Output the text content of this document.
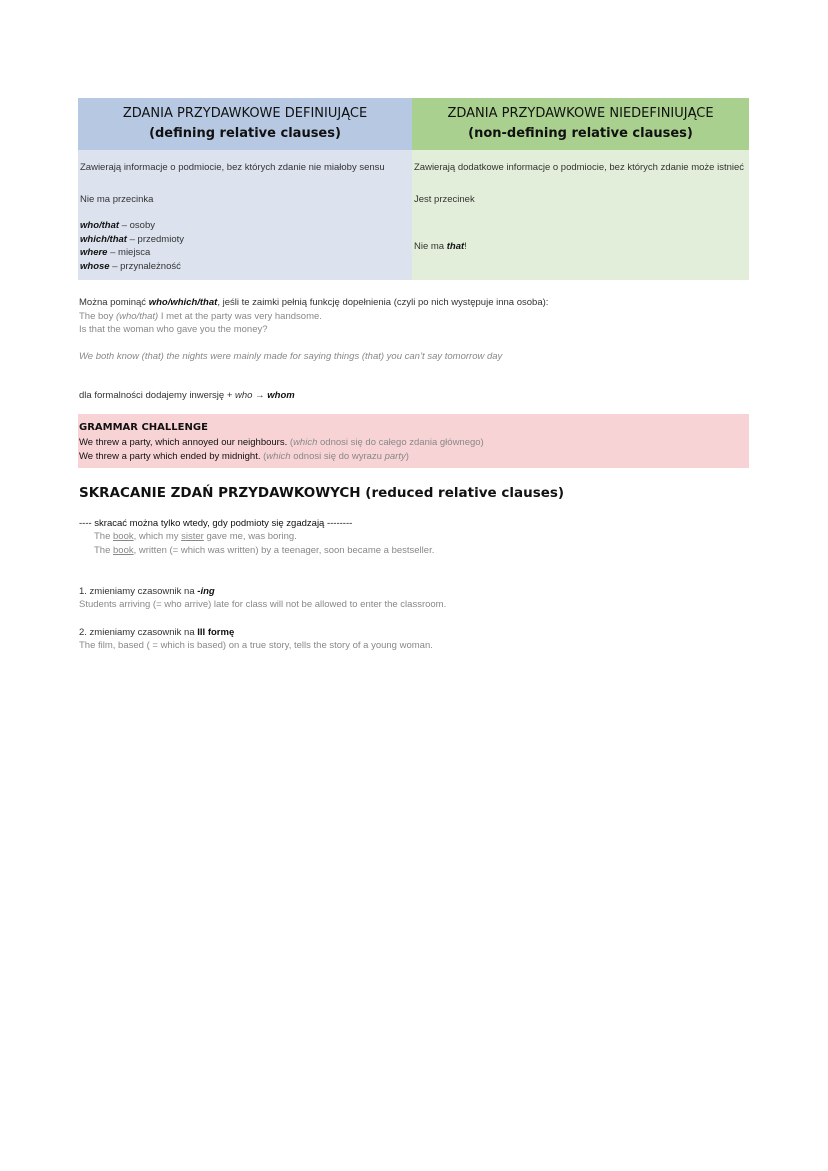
ZDANIA PRZYDAWKOWE DEFINIUJĄCE
(defining relative clauses)
ZDANIA PRZYDAWKOWE NIEDEFINIUJĄCE
(non-defining relative clauses)
Zawierają informacje o podmiocie, bez których zdanie nie miałoby sensu	Zawierają dodatkowe informacje o podmiocie, bez których zdanie może istnieć
Nie ma przecinka	Jest przecinek
who/that – osoby
which/that – przedmioty
where – miejsca
whose – przynależność
Nie ma that!
Można pominąć who/which/that, jeśli te zaimki pełnią funkcję dopełnienia (czyli po nich występuje inna osoba):
The boy (who/that) I met at the party was very handsome.
Is that the woman who gave you the money?
We both know (that) the nights were mainly made for saying things (that) you can’t say tomorrow day
dla formalności dodajemy inwersję + who → whom
GRAMMAR CHALLENGE
We threw a party, which annoyed our neighbours. (which odnosi się do całego zdania głównego)
We threw a party which ended by midnight. (which odnosi się do wyrazu party)
SKRACANIE ZDAŃ PRZYDAWKOWYCH (reduced relative clauses)
---- skracać można tylko wtedy, gdy podmioty się zgadzają --------
The book, which my sister gave me, was boring.
The book, written (= which was written) by a teenager, soon became a bestseller.
1. zmieniamy czasownik na -ing
Students arriving (= who arrive) late for class will not be allowed to enter the classroom.
2. zmieniamy czasownik na III formę
The film, based ( = which is based) on a true story, tells the story of a young woman.
